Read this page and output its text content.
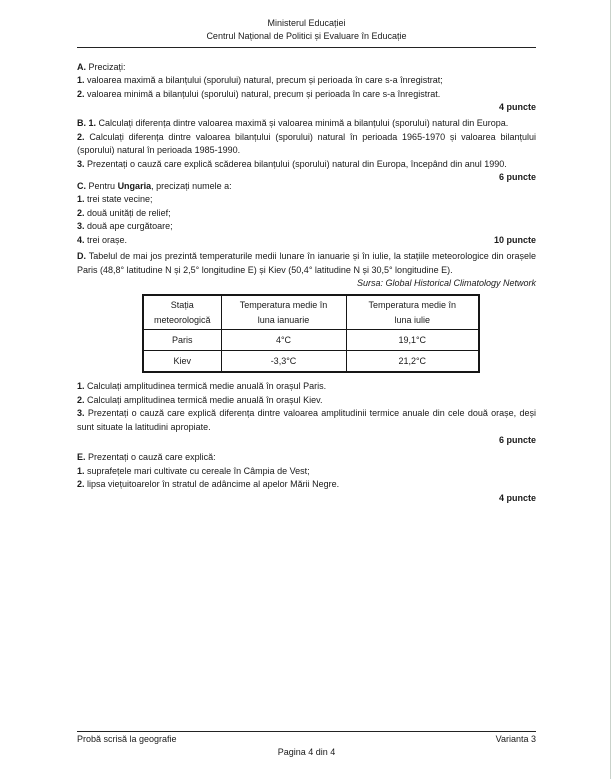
Ministerul Educației
Centrul Național de Politici și Evaluare în Educație
A. Precizați:
1. valoarea maximă a bilanțului (sporului) natural, precum și perioada în care s-a înregistrat;
2. valoarea minimă a bilanțului (sporului) natural, precum și perioada în care s-a înregistrat.
4 puncte

B. 1. Calculați diferența dintre valoarea maximă și valoarea minimă a bilanțului (sporului) natural din Europa.

2. Calculați diferența dintre valoarea bilanțului (sporului) natural în perioada 1965-1970 și valoarea bilanțului (sporului) natural în perioada 1985-1990.

3. Prezentați o cauză care explică scăderea bilanțului (sporului) natural din Europa, începând din anul 1990.
6 puncte

C. Pentru Ungaria, precizați numele a:
1. trei state vecine;
2. două unități de relief;
3. două ape curgătoare;
4. trei orașe.	10 puncte

D. Tabelul de mai jos prezintă temperaturile medii lunare în ianuarie și în iulie, la stațiile meteorologice din orașele Paris (48,8° latitudine N și 2,5° longitudine E) și Kiev (50,4° latitudine N și 30,5° longitudine E).

Sursa: Global Historical Climatology Network
Stația
meteorologică

Temperatura medie în
luna ianuarie

Temperatura medie în
luna iulie

Paris	4°C	19,1°C
Kiev	-3,3°C	21,2°C
1. Calculați amplitudinea termică medie anuală în orașul Paris.
2. Calculați amplitudinea termică medie anuală în orașul Kiev.

3. Prezentați o cauză care explică diferența dintre valoarea amplitudinii termice anuale din cele două orașe, deși sunt situate la latitudini apropiate.

6 puncte
E. Prezentați o cauză care explică:
1. suprafețele mari cultivate cu cereale în Câmpia de Vest;
2. lipsa viețuitoarelor în stratul de adâncime al apelor Mării Negre.
4 puncte
Probă scrisă la geografie	Varianta 3
Pagina 4 din 4
